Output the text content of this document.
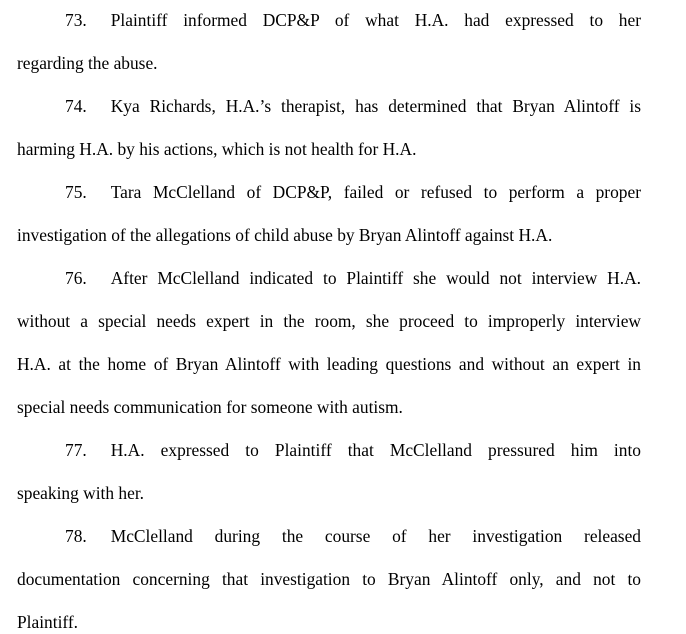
73. Plaintiff informed DCP&P of what H.A. had expressed to her
regarding the abuse.
74. Kya Richards, H.A.’s therapist, has determined that Bryan Alintoff is
harming H.A. by his actions, which is not health for H.A.
75. Tara McClelland of DCP&P, failed or refused to perform a proper
investigation of the allegations of child abuse by Bryan Alintoff against H.A.
76. After McClelland indicated to Plaintiff she would not interview H.A.
without a special needs expert in the room, she proceed to improperly interview
H.A. at the home of Bryan Alintoff with leading questions and without an expert in
special needs communication for someone with autism.
77. H.A. expressed to Plaintiff that McClelland pressured him into
speaking with her.
78. McClelland during the course of her investigation released
documentation concerning that investigation to Bryan Alintoff only, and not to
Plaintiff.
